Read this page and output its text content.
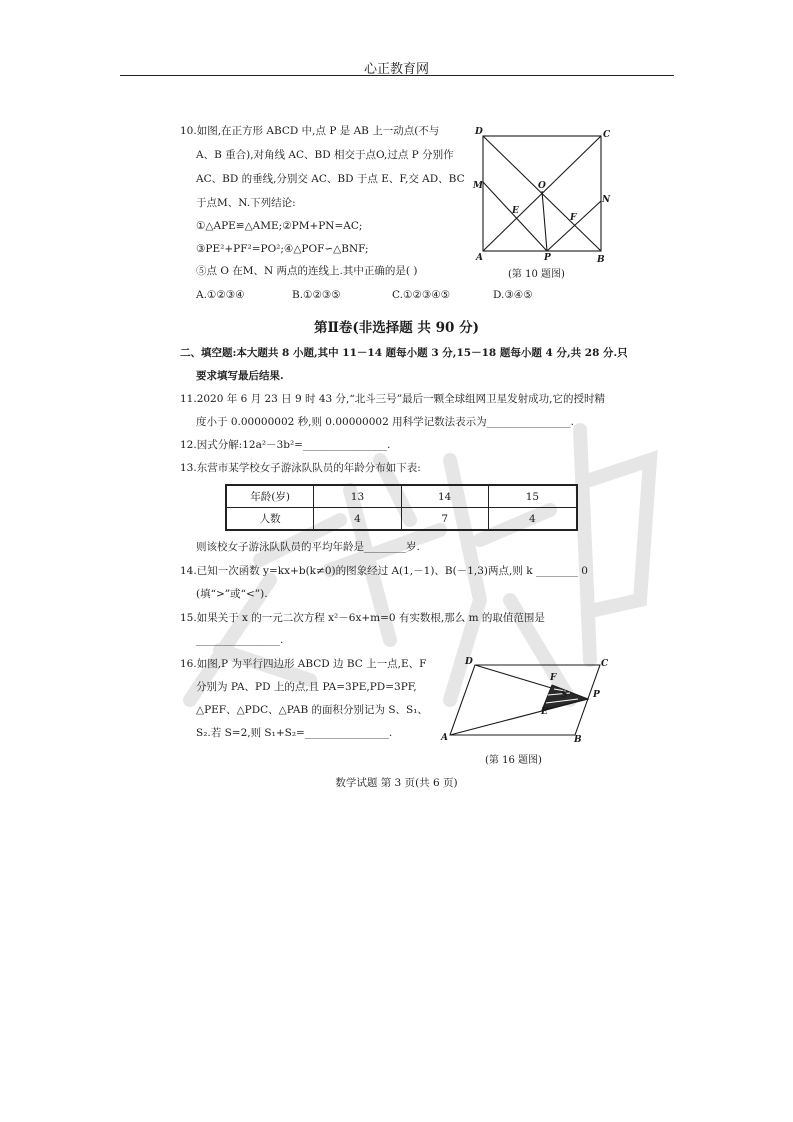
心正教育网
10.如图,在正方形 ABCD 中,点 P 是 AB 上一动点(不与
A、B 重合),对角线 AC、BD 相交于点O,过点 P 分别作
AC、BD 的垂线,分别交 AC、BD 于点 E、F,交 AD、BC
于点M、N.下列结论:
①△APE≌△AME;②PM+PN=AC;
③PE²+PF²=PO²;④△POF∽△BNF;
⑤点 O 在M、N 两点的连线上.其中正确的是( )
A.①②③④	B.①②③⑤	C.①②③④⑤	D.③④⑤
D	C
M	O
N
E
F
A	P	B
(第 10 题图)
第Ⅱ卷(非选择题 共 90 分)
二、填空题:本大题共 8 小题,其中 11－14 题每小题 3 分,15－18 题每小题 4 分,共 28 分.只
要求填写最后结果.
11.2020 年 6 月 23 日 9 时 43 分,“北斗三号”最后一颗全球组网卫星发射成功,它的授时精
度小于 0.00000002 秒,则 0.00000002 用科学记数法表示为________________.
12.因式分解:12a²－3b²=________________.
13.东营市某学校女子游泳队队员的年龄分布如下表:
年龄(岁)	13	14	15
人数	4	7	4
则该校女子游泳队队员的平均年龄是________岁.
14.已知一次函数 y=kx+b(k≠0)的图象经过 A(1,－1)、B(－1,3)两点,则 k ________ 0
(填“>”或“<”).
15.如果关于 x 的一元二次方程 x²－6x+m=0 有实数根,那么 m 的取值范围是
________________.
16.如图,P 为平行四边形 ABCD 边 BC 上一点,E、F
分别为 PA、PD 上的点,且 PA=3PE,PD=3PF,
△PEF、△PDC、△PAB 的面积分别记为 S、S₁、
S₂.若 S=2,则 S₁+S₂=________________.
D	C
F
S	P
E
A	B
(第 16 题图)
数学试题 第 3 页(共 6 页)
